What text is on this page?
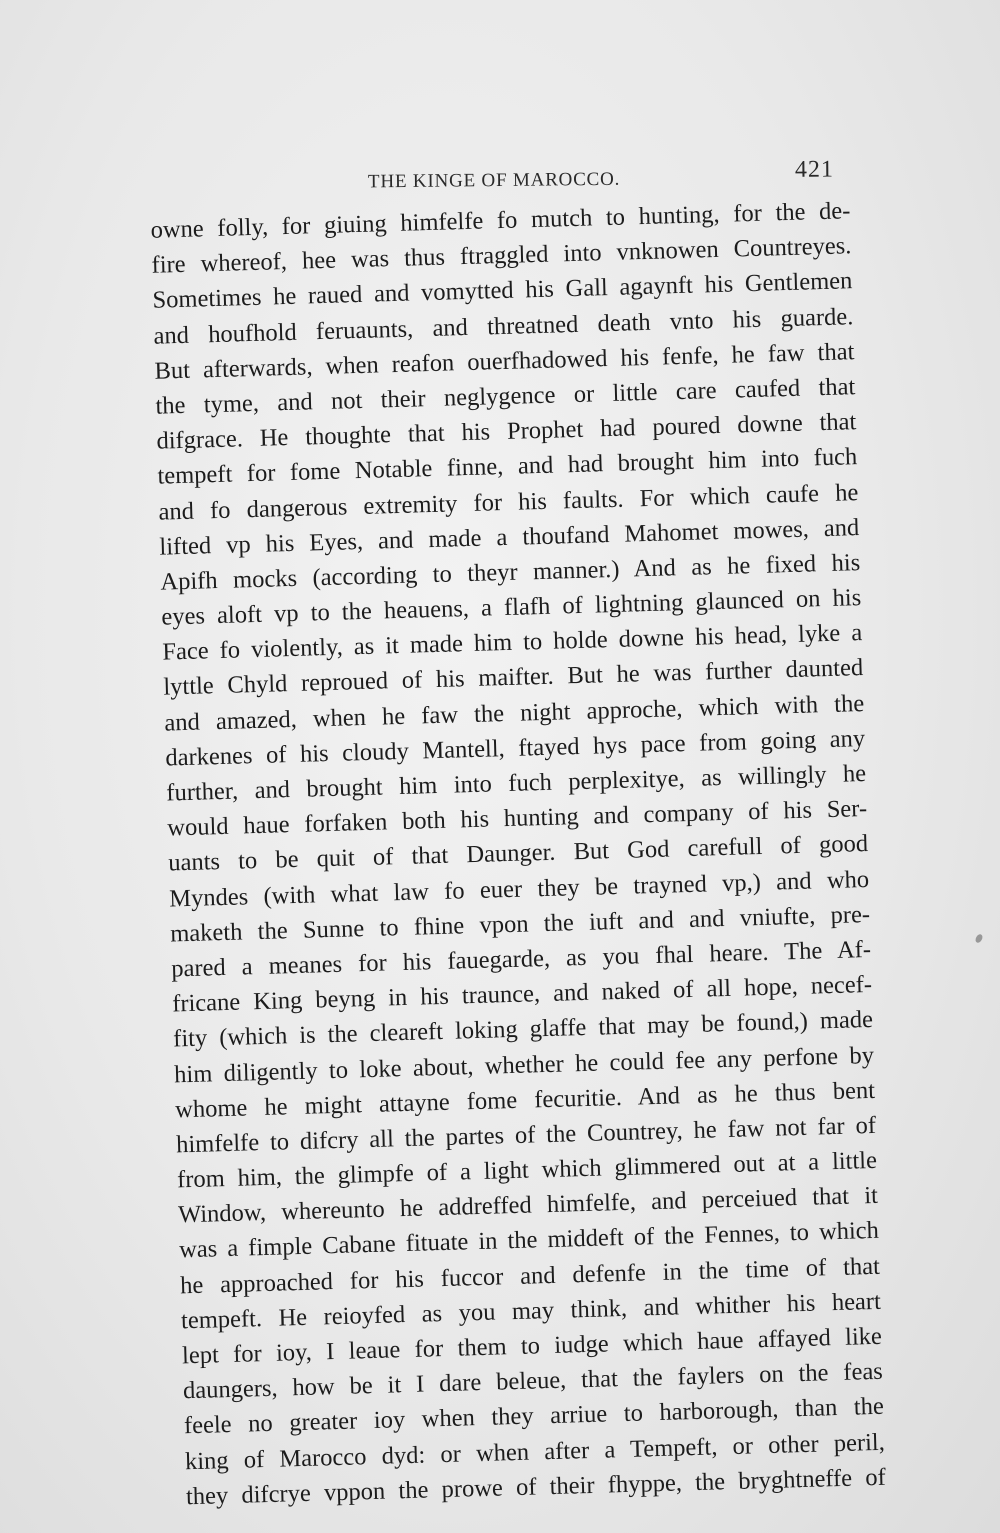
THE KINGE OF MAROCCO.	421
owne folly, for giuing himfelfe fo mutch to hunting, for the de-
fire whereof, hee was thus ftraggled into vnknowen Countreyes.
Sometimes he raued and vomytted his Gall agaynft his Gentlemen
and houfhold feruaunts, and threatned death vnto his guarde.
But afterwards, when reafon ouerfhadowed his fenfe, he faw that
the tyme, and not their neglygence or little care caufed that
difgrace. He thoughte that his Prophet had poured downe that
tempeft for fome Notable finne, and had brought him into fuch
and fo dangerous extremity for his faults. For which caufe he
lifted vp his Eyes, and made a thoufand Mahomet mowes, and
Apifh mocks (according to theyr manner.) And as he fixed his
eyes aloft vp to the heauens, a flafh of lightning glaunced on his
Face fo violently, as it made him to holde downe his head, lyke a
lyttle Chyld reproued of his maifter. But he was further daunted
and amazed, when he faw the night approche, which with the
darkenes of his cloudy Mantell, ftayed hys pace from going any
further, and brought him into fuch perplexitye, as willingly he
would haue forfaken both his hunting and company of his Ser-
uants to be quit of that Daunger. But God carefull of good
Myndes (with what law fo euer they be trayned vp,) and who
maketh the Sunne to fhine vpon the iuft and and vniufte, pre-
pared a meanes for his fauegarde, as you fhal heare. The Af-
fricane King beyng in his traunce, and naked of all hope, necef-
fity (which is the cleareft loking glaffe that may be found,) made
him diligently to loke about, whether he could fee any perfone by
whome he might attayne fome fecuritie. And as he thus bent
himfelfe to difcry all the partes of the Countrey, he faw not far of
from him, the glimpfe of a light which glimmered out at a little
Window, whereunto he addreffed himfelfe, and perceiued that it
was a fimple Cabane fituate in the middeft of the Fennes, to which
he approached for his fuccor and defenfe in the time of that
tempeft. He reioyfed as you may think, and whither his heart
lept for ioy, I leaue for them to iudge which haue affayed like
daungers, how be it I dare beleue, that the faylers on the feas
feele no greater ioy when they arriue to harborough, than the
king of Marocco dyd: or when after a Tempeft, or other peril,
they difcrye vppon the prowe of their fhyppe, the bryghtneffe of
